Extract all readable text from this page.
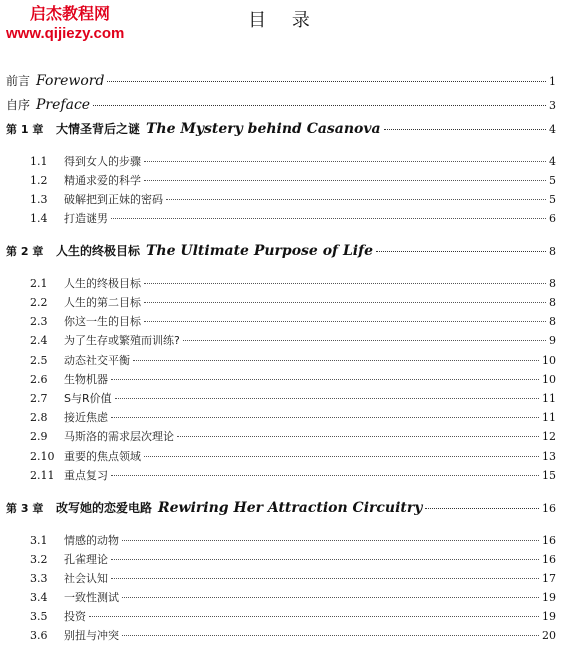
启杰教程网
www.qijiezy.com
目 录
前言 Foreword	1
自序 Preface	3
第 1 章	大情圣背后之谜 The Mystery behind Casanova	4
1.1	得到女人的步骤	4
1.2	精通求爱的科学	5
1.3	破解把到正妹的密码	5
1.4	打造谜男	6
第 2 章	人生的终极目标 The Ultimate Purpose of Life	8
2.1	人生的终极目标	8
2.2	人生的第二目标	8
2.3	你这一生的目标	8
2.4	为了生存或繁殖而训练?	9
2.5	动态社交平衡	10
2.6	生物机器	10
2.7	S与R价值	11
2.8	接近焦虑	11
2.9	马斯洛的需求层次理论	12
2.10 重要的焦点领域	13
2.11 重点复习	15
第 3 章	改写她的恋爱电路 Rewiring Her Attraction Circuitry	16
3.1	情感的动物	16
3.2	孔雀理论	16
3.3	社会认知	17
3.4	一致性测试	19
3.5	投资	19
3.6	别扭与冲突	20
